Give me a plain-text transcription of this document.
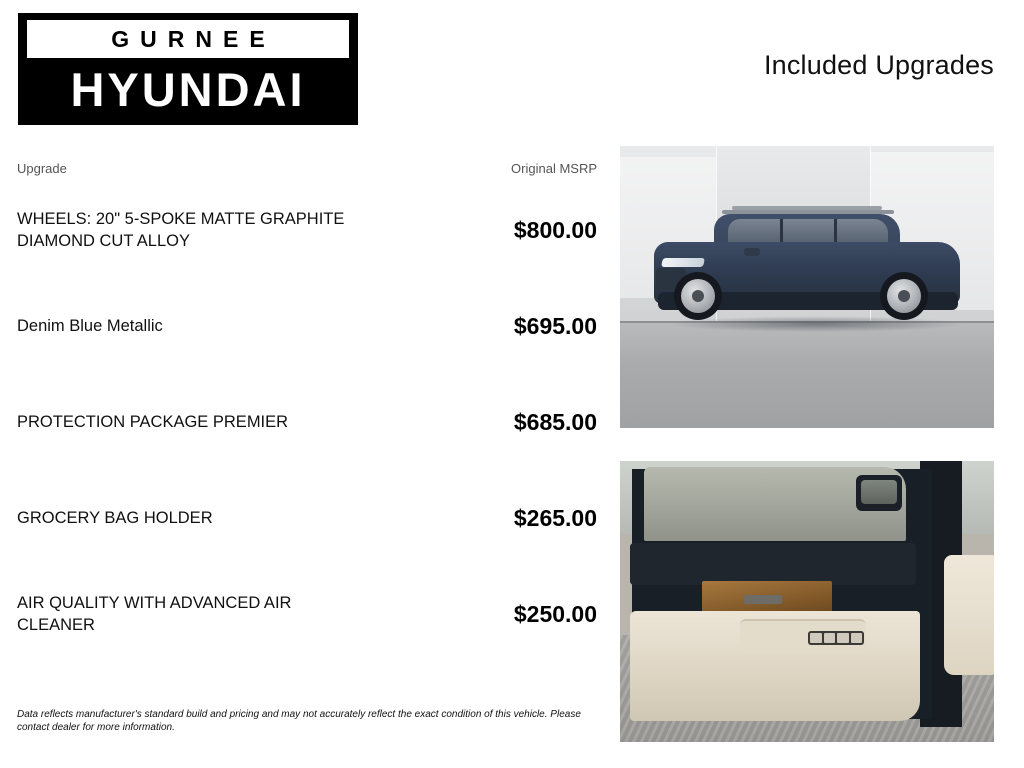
GURNEE
HYUNDAI	Included Upgrades
Upgrade	Original MSRP
WHEELS: 20" 5-SPOKE MATTE GRAPHITE DIAMOND CUT ALLOY	$800.00
Denim Blue Metallic	$695.00
PROTECTION PACKAGE PREMIER	$685.00
GROCERY BAG HOLDER	$265.00
AIR QUALITY WITH ADVANCED AIR CLEANER	$250.00
Data reflects manufacturer's standard build and pricing and may not accurately reflect the exact condition of this vehicle. Please contact dealer for more information.
